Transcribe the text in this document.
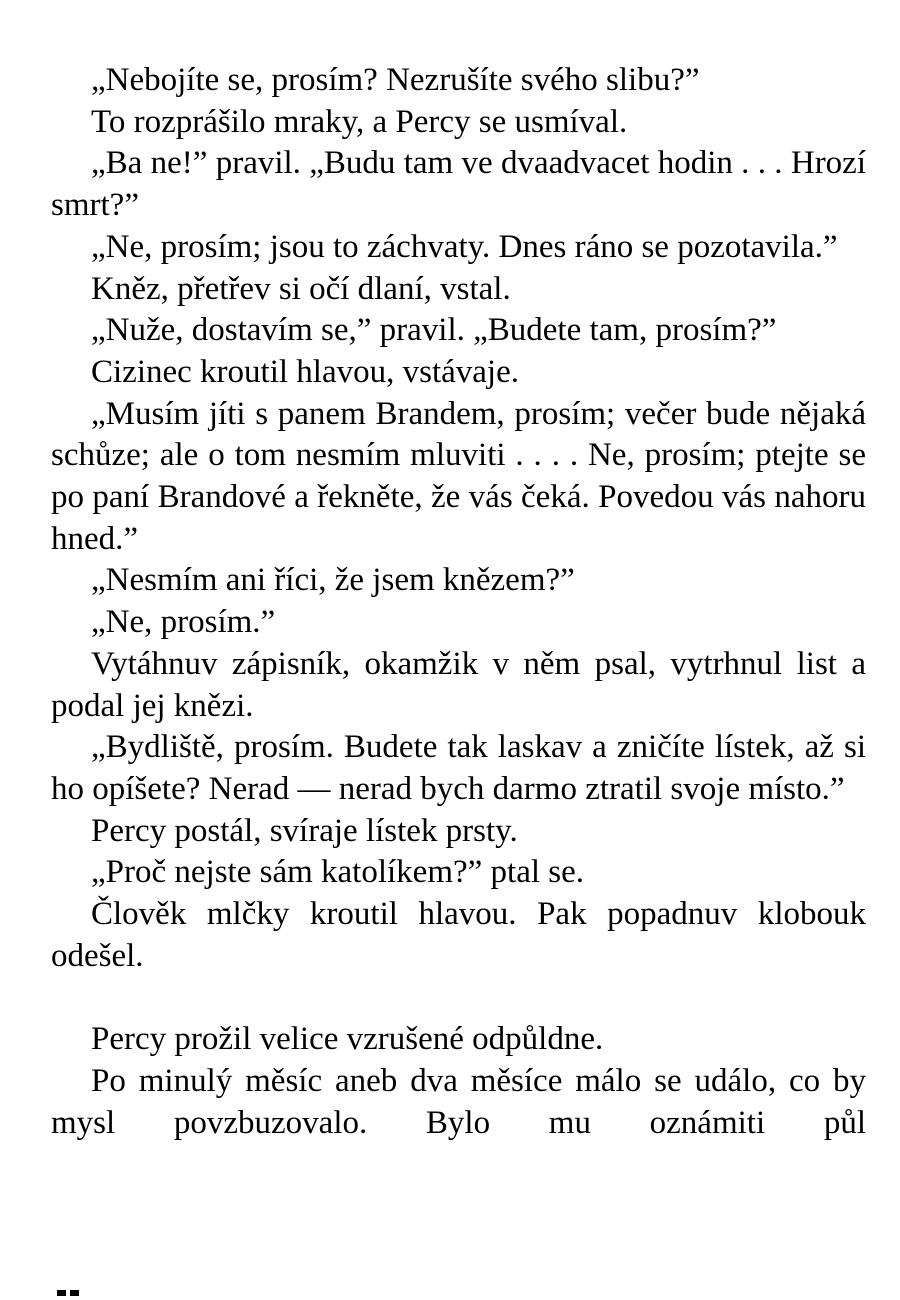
„Nebojíte se, prosím? Nezrušíte svého slibu?”

To rozprášilo mraky, a Percy se usmíval.

„Ba ne!” pravil. „Budu tam ve dvaadvacet hodin . . . Hrozí smrt?”

„Ne, prosím; jsou to záchvaty. Dnes ráno se pozotavila.”

Kněz, přetřev si očí dlaní, vstal.

„Nuže, dostavím se,” pravil. „Budete tam, prosím?”

Cizinec kroutil hlavou, vstávaje.

„Musím jíti s panem Brandem, prosím; večer bude nějaká schůze; ale o tom nesmím mluviti . . . . Ne, prosím; ptejte se po paní Brandové a řekněte, že vás čeká. Povedou vás nahoru hned.”

„Nesmím ani říci, že jsem knězem?”

„Ne, prosím.”

Vytáhnuv zápisník, okamžik v něm psal, vytrhnul list a podal jej knězi.

„Bydliště, prosím. Budete tak laskav a zničíte lístek, až si ho opíšete? Nerad — nerad bych darmo ztratil svoje místo.”

Percy postál, svíraje lístek prsty.

„Proč nejste sám katolíkem?” ptal se.

Člověk mlčky kroutil hlavou. Pak popadnuv klobouk odešel.

Percy prožil velice vzrušené odpůldne.

Po minulý měsíc aneb dva měsíce málo se událo, co by mysl povzbuzovalo. Bylo mu oznámiti půl
